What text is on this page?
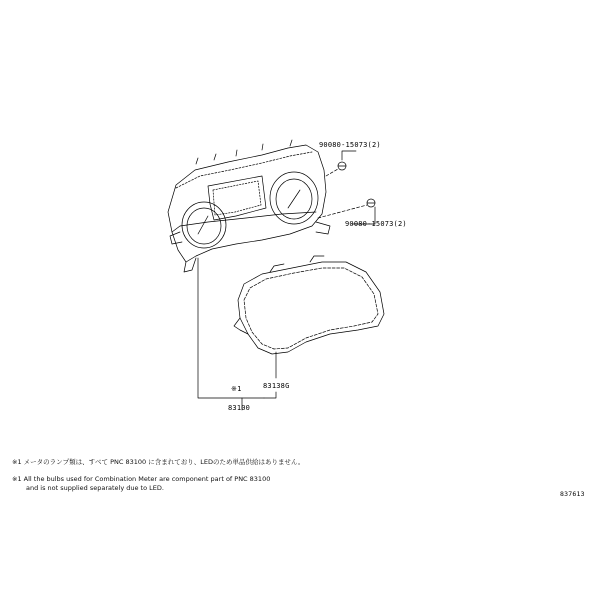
90080-15073(2)
90080-15073(2)
83138G
※1
83100
※1 メータのランプ類は、すべて PNC 83100 に含まれており、LEDのため単品供給はありません。
※1 All the bulbs used for Combination Meter are component part of PNC 83100
and is not supplied separately due to LED.
837613
